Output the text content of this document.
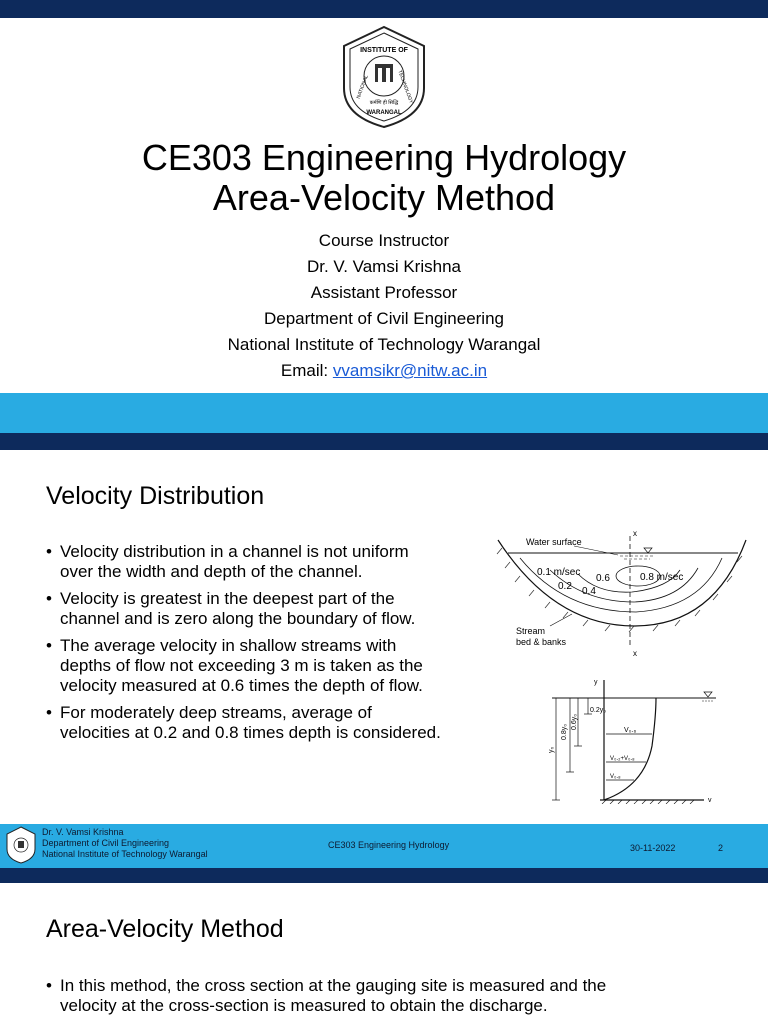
INSTITUTE OF
NATIONAL	TECHNOLOGY
कर्मणि ही सिद्धि
WARANGAL
CE303 Engineering Hydrology
Area-Velocity Method
Course Instructor
Dr. V. Vamsi Krishna
Assistant Professor
Department of Civil Engineering
National Institute of Technology Warangal
Email: vvamsikr@nitw.ac.in
Velocity Distribution
• Velocity distribution in a channel is not uniform
over the width and depth of the channel.
• Velocity is greatest in the deepest part of the
channel and is zero along the boundary of flow.
• The average velocity in shallow streams with
depths of flow not exceeding 3 m is taken as the
velocity measured at 0.6 times the depth of flow.
• For moderately deep streams, average of
velocities at 0.2 and 0.8 times depth is considered.
Water surface
x
x
0.1 m/sec
0.2 0.4
0.6	0.8 m/sec
Stream
bed & banks
y
v
y₀
0.8y₀
0.6y₀
0.2y₀
V₀.₆
V₀.₂+V₀.₈
V₀.₈
Dr. V. Vamsi Krishna
Department of Civil Engineering
National Institute of Technology Warangal
CE303 Engineering Hydrology	30-11-2022	2
Area-Velocity Method
• In this method, the cross section at the gauging site is measured and the
velocity at the cross-section is measured to obtain the discharge.
